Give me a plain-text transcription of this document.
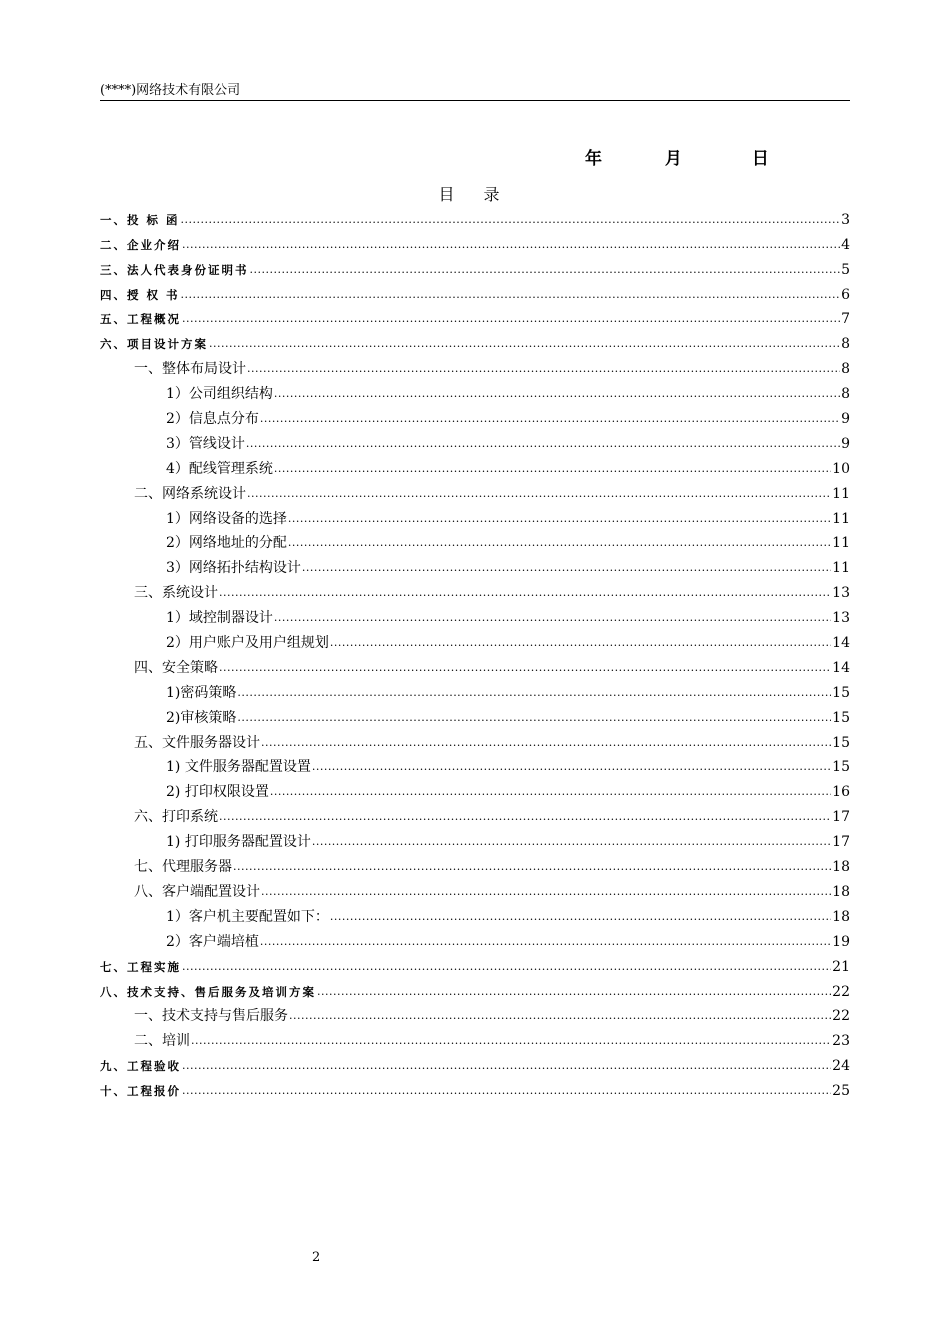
(****)网络技术有限公司
年	月	日
目 录
一、投 标 函 .....	3
二、企业介绍 .....	4
三、法人代表身份证明书 .....	5
四、授 权 书 .....	6
五、工程概况 .....	7
六、项目设计方案 .....	8
一、整体布局设计 .....	8
1）公司组织结构 .....	8
2）信息点分布 .....	9
3）管线设计 .....	9
4）配线管理系统 .....	10
二、网络系统设计 .....	11
1）网络设备的选择 .....	11
2）网络地址的分配 .....	11
3）网络拓扑结构设计 .....	11
三、系统设计 .....	13
1）域控制器设计 .....	13
2）用户账户及用户组规划 .....	14
四、安全策略 .....	14
1)密码策略 .....	15
2)审核策略 .....	15
五、文件服务器设计 .....	15
1) 文件服务器配置设置 .....	15
2) 打印权限设置 .....	16
六、打印系统 .....	17
1) 打印服务器配置设计 .....	17
七、代理服务器 .....	18
八、客户端配置设计 .....	18
1）客户机主要配置如下： .....	18
2）客户端培植 .....	19
七、工程实施 .....	21
八、技术支持、售后服务及培训方案 .....	22
一、技术支持与售后服务 .....	22
二、培训 .....	23
九、工程验收 .....	24
十、工程报价 .....	25
2
